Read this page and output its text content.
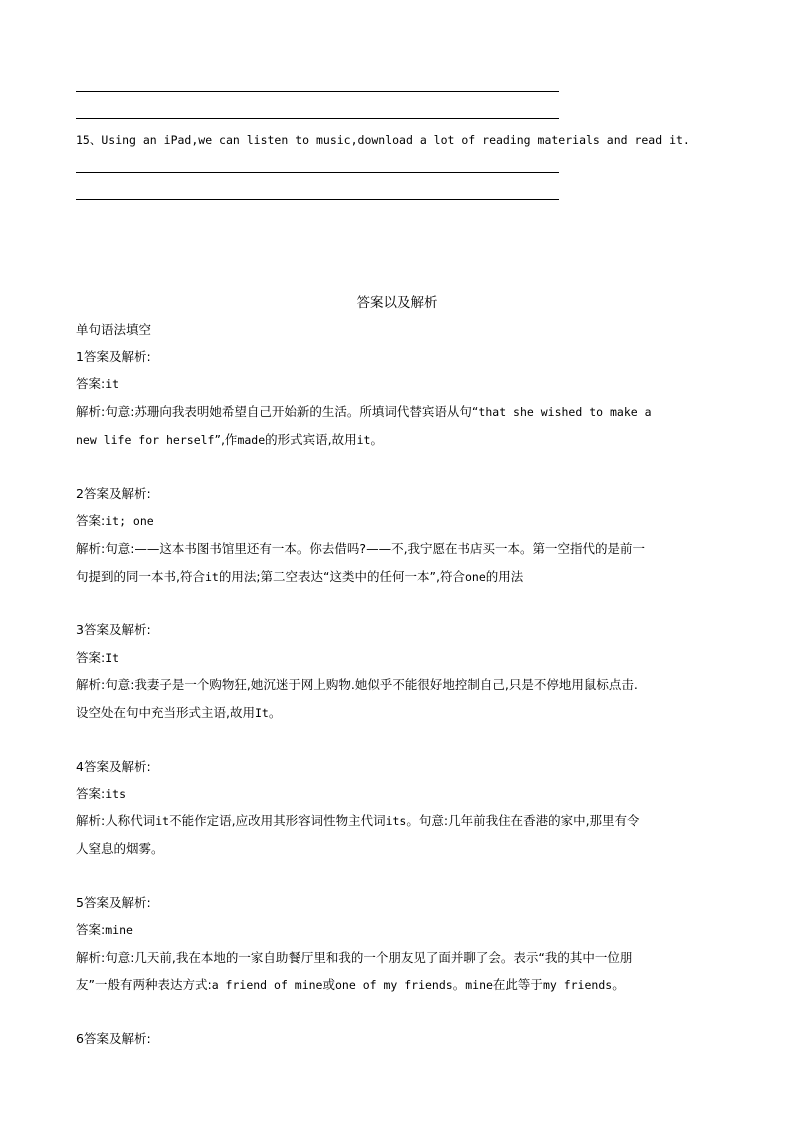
15、Using an iPad,we can listen to music,download a lot of reading materials and read it.
答案以及解析
单句语法填空
1答案及解析:
答案:it
解析:句意:苏珊向我表明她希望自己开始新的生活。所填词代替宾语从句“that she wished to make a
new life for herself”,作made的形式宾语,故用it。
2答案及解析:
答案:it; one
解析:句意:——这本书图书馆里还有一本。你去借吗?——不,我宁愿在书店买一本。第一空指代的是前一
句提到的同一本书,符合it的用法;第二空表达“这类中的任何一本”,符合one的用法
3答案及解析:
答案:It
解析:句意:我妻子是一个购物狂,她沉迷于网上购物.她似乎不能很好地控制自己,只是不停地用鼠标点击.
设空处在句中充当形式主语,故用It。
4答案及解析:
答案:its
解析:人称代词it不能作定语,应改用其形容词性物主代词its。句意:几年前我住在香港的家中,那里有令
人窒息的烟雾。
5答案及解析:
答案:mine
解析:句意:几天前,我在本地的一家自助餐厅里和我的一个朋友见了面并聊了会。表示“我的其中一位朋
友”一般有两种表达方式:a friend of mine或one of my friends。mine在此等于my friends。
6答案及解析:
